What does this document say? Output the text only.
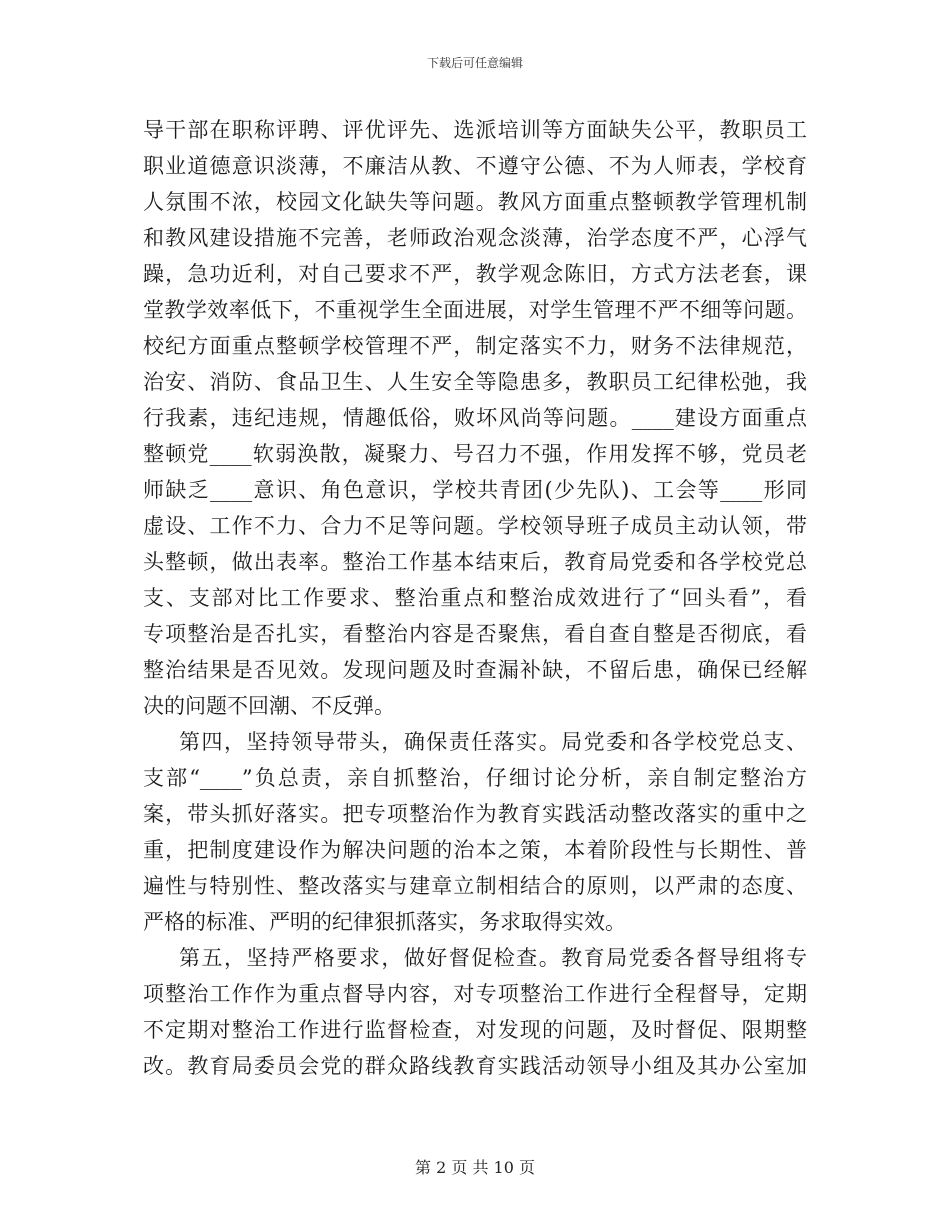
下载后可任意编辑
导干部在职称评聘、评优评先、选派培训等方面缺失公平，教职员工
职业道德意识淡薄，不廉洁从教、不遵守公德、不为人师表，学校育
人氛围不浓，校园文化缺失等问题。教风方面重点整顿教学管理机制
和教风建设措施不完善，老师政治观念淡薄，治学态度不严，心浮气
躁，急功近利，对自己要求不严，教学观念陈旧，方式方法老套，课
堂教学效率低下，不重视学生全面进展，对学生管理不严不细等问题。
校纪方面重点整顿学校管理不严，制定落实不力，财务不法律规范，
治安、消防、食品卫生、人生安全等隐患多，教职员工纪律松弛，我
行我素，违纪违规，情趣低俗，败坏风尚等问题。____建设方面重点
整顿党____软弱涣散，凝聚力、号召力不强，作用发挥不够，党员老
师缺乏____意识、角色意识，学校共青团(少先队)、工会等____形同
虚设、工作不力、合力不足等问题。学校领导班子成员主动认领，带
头整顿，做出表率。整治工作基本结束后，教育局党委和各学校党总
支、支部对比工作要求、整治重点和整治成效进行了“回头看”，看
专项整治是否扎实，看整治内容是否聚焦，看自查自整是否彻底，看
整治结果是否见效。发现问题及时查漏补缺，不留后患，确保已经解
决的问题不回潮、不反弹。
第四，坚持领导带头，确保责任落实。局党委和各学校党总支、
支部“____”负总责，亲自抓整治，仔细讨论分析，亲自制定整治方
案，带头抓好落实。把专项整治作为教育实践活动整改落实的重中之
重，把制度建设作为解决问题的治本之策，本着阶段性与长期性、普
遍性与特别性、整改落实与建章立制相结合的原则，以严肃的态度、
严格的标准、严明的纪律狠抓落实，务求取得实效。
第五，坚持严格要求，做好督促检查。教育局党委各督导组将专
项整治工作作为重点督导内容，对专项整治工作进行全程督导，定期
不定期对整治工作进行监督检查，对发现的问题，及时督促、限期整
改。教育局委员会党的群众路线教育实践活动领导小组及其办公室加
第 2 页 共 10 页
